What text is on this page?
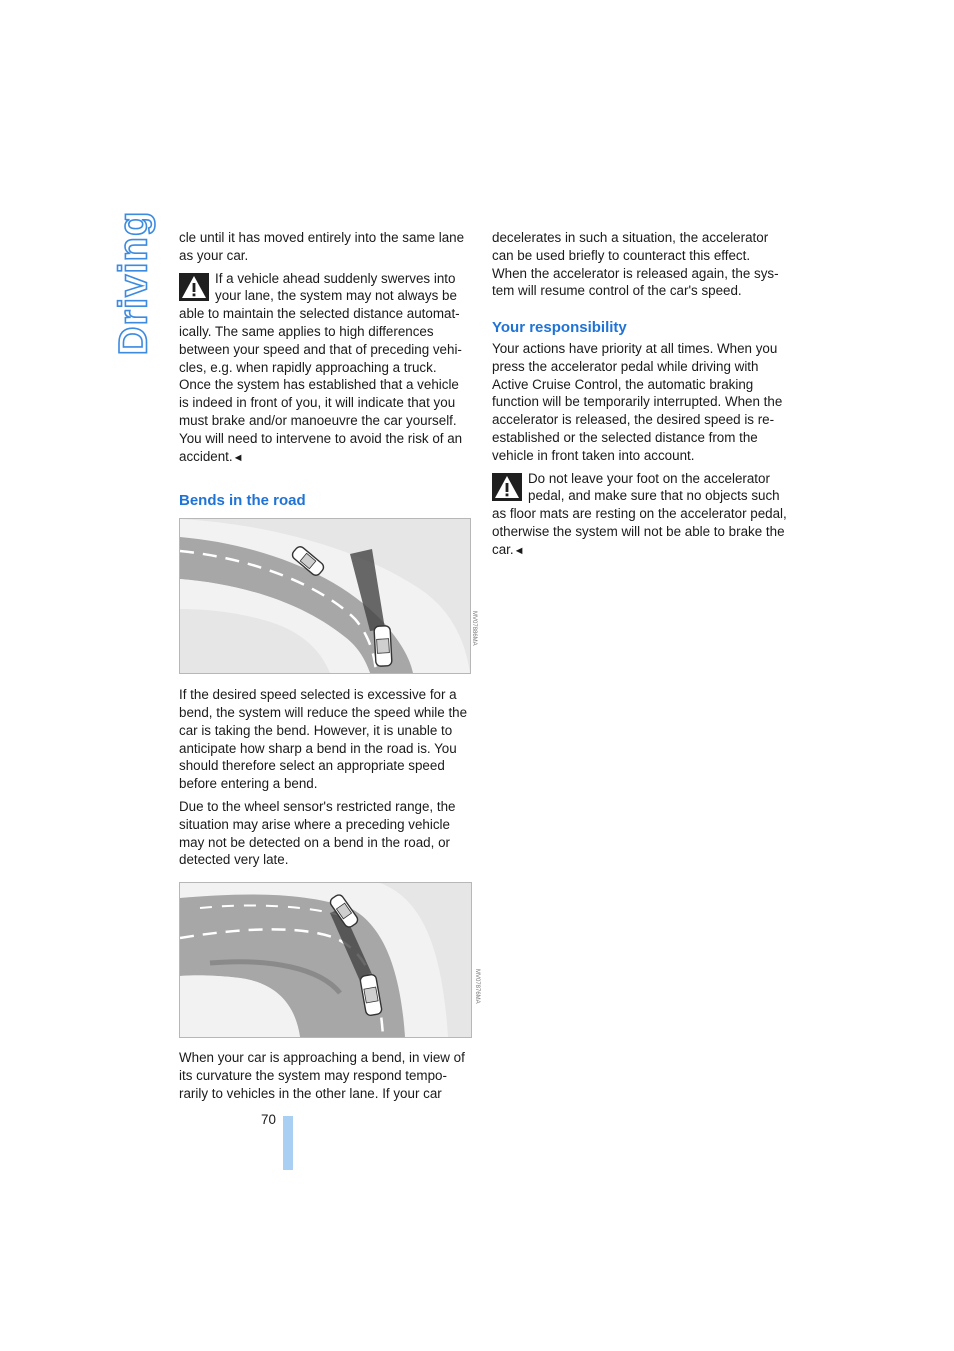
Driving cle until it has moved entirely into the same lane as your car.

If a vehicle ahead suddenly swerves into your lane, the system may not always be able to maintain the selected distance automat-ically. The same applies to high differences between your speed and that of preceding vehi-cles, e.g. when rapidly approaching a truck. Once the system has established that a vehicle is indeed in front of you, it will indicate that you must brake and/or manoeuvre the car yourself. You will need to intervene to avoid the risk of an accident.◄
Bends in the road
MV07886MA

If the desired speed selected is excessive for a bend, the system will reduce the speed while the car is taking the bend. However, it is unable to anticipate how sharp a bend in the road is. You should therefore select an appropriate speed before entering a bend.

Due to the wheel sensor's restricted range, the situation may arise where a preceding vehicle may not be detected on a bend in the road, or detected very late.

MV07876MA

When your car is approaching a bend, in view of its curvature the system may respond tempo-rarily to vehicles in the other lane. If your car

decelerates in such a situation, the accelerator can be used briefly to counteract this effect. When the accelerator is released again, the sys-tem will resume control of the car's speed.

Your responsibility

Your actions have priority at all times. When you press the accelerator pedal while driving with Active Cruise Control, the automatic braking function will be temporarily interrupted. When the accelerator is released, the desired speed is re-established or the selected distance from the vehicle in front taken into account.

Do not leave your foot on the accelerator pedal, and make sure that no objects such as floor mats are resting on the accelerator pedal, otherwise the system will not be able to brake the car.◄
70
